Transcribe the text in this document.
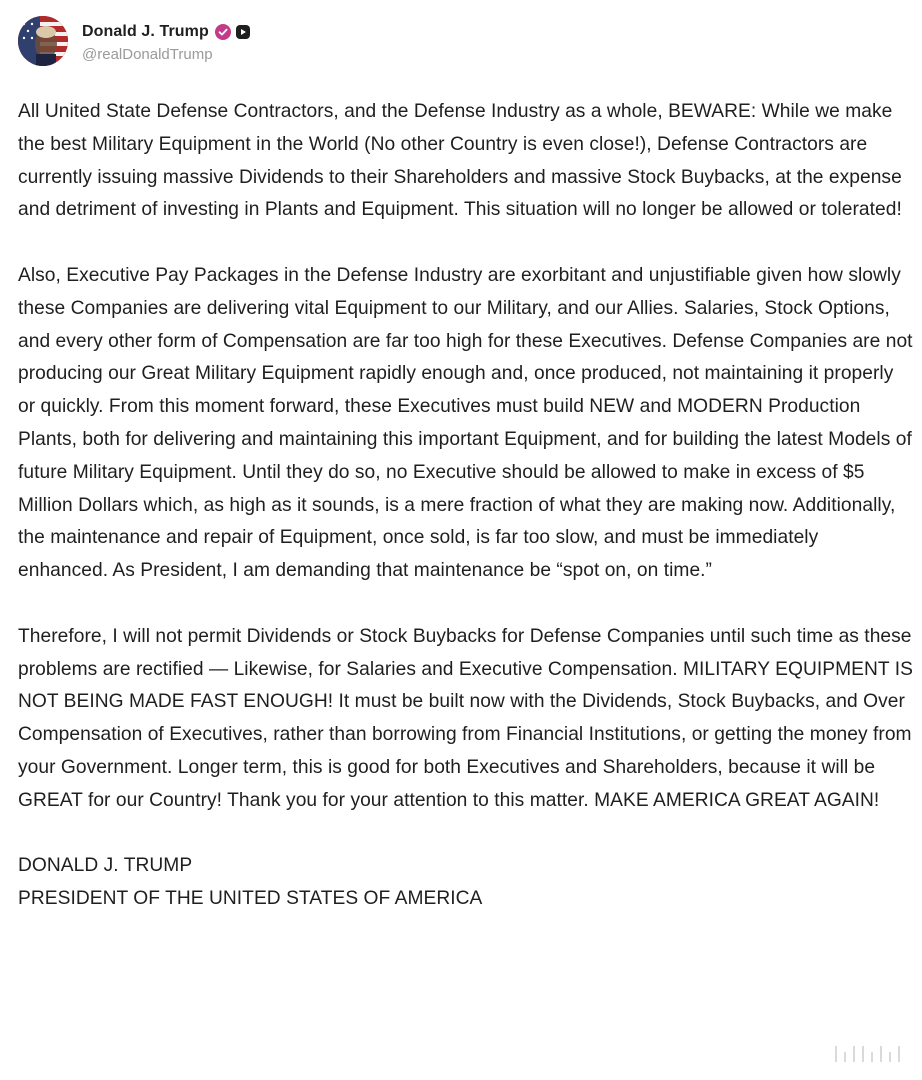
Donald J. Trump
@realDonaldTrump

All United State Defense Contractors, and the Defense Industry as a whole, BEWARE: While we make the best Military Equipment in the World (No other Country is even close!), Defense Contractors are currently issuing massive Dividends to their Shareholders and massive Stock Buybacks, at the expense and detriment of investing in Plants and Equipment. This situation will no longer be allowed or tolerated!

Also, Executive Pay Packages in the Defense Industry are exorbitant and unjustifiable given how slowly these Companies are delivering vital Equipment to our Military, and our Allies. Salaries, Stock Options, and every other form of Compensation are far too high for these Executives. Defense Companies are not producing our Great Military Equipment rapidly enough and, once produced, not maintaining it properly or quickly. From this moment forward, these Executives must build NEW and MODERN Production Plants, both for delivering and maintaining this important Equipment, and for building the latest Models of future Military Equipment. Until they do so, no Executive should be allowed to make in excess of $5 Million Dollars which, as high as it sounds, is a mere fraction of what they are making now. Additionally, the maintenance and repair of Equipment, once sold, is far too slow, and must be immediately enhanced. As President, I am demanding that maintenance be “spot on, on time.”

Therefore, I will not permit Dividends or Stock Buybacks for Defense Companies until such time as these problems are rectified — Likewise, for Salaries and Executive Compensation. MILITARY EQUIPMENT IS NOT BEING MADE FAST ENOUGH! It must be built now with the Dividends, Stock Buybacks, and Over Compensation of Executives, rather than borrowing from Financial Institutions, or getting the money from your Government. Longer term, this is good for both Executives and Shareholders, because it will be GREAT for our Country! Thank you for your attention to this matter. MAKE AMERICA GREAT AGAIN!

DONALD J. TRUMP
PRESIDENT OF THE UNITED STATES OF AMERICA
